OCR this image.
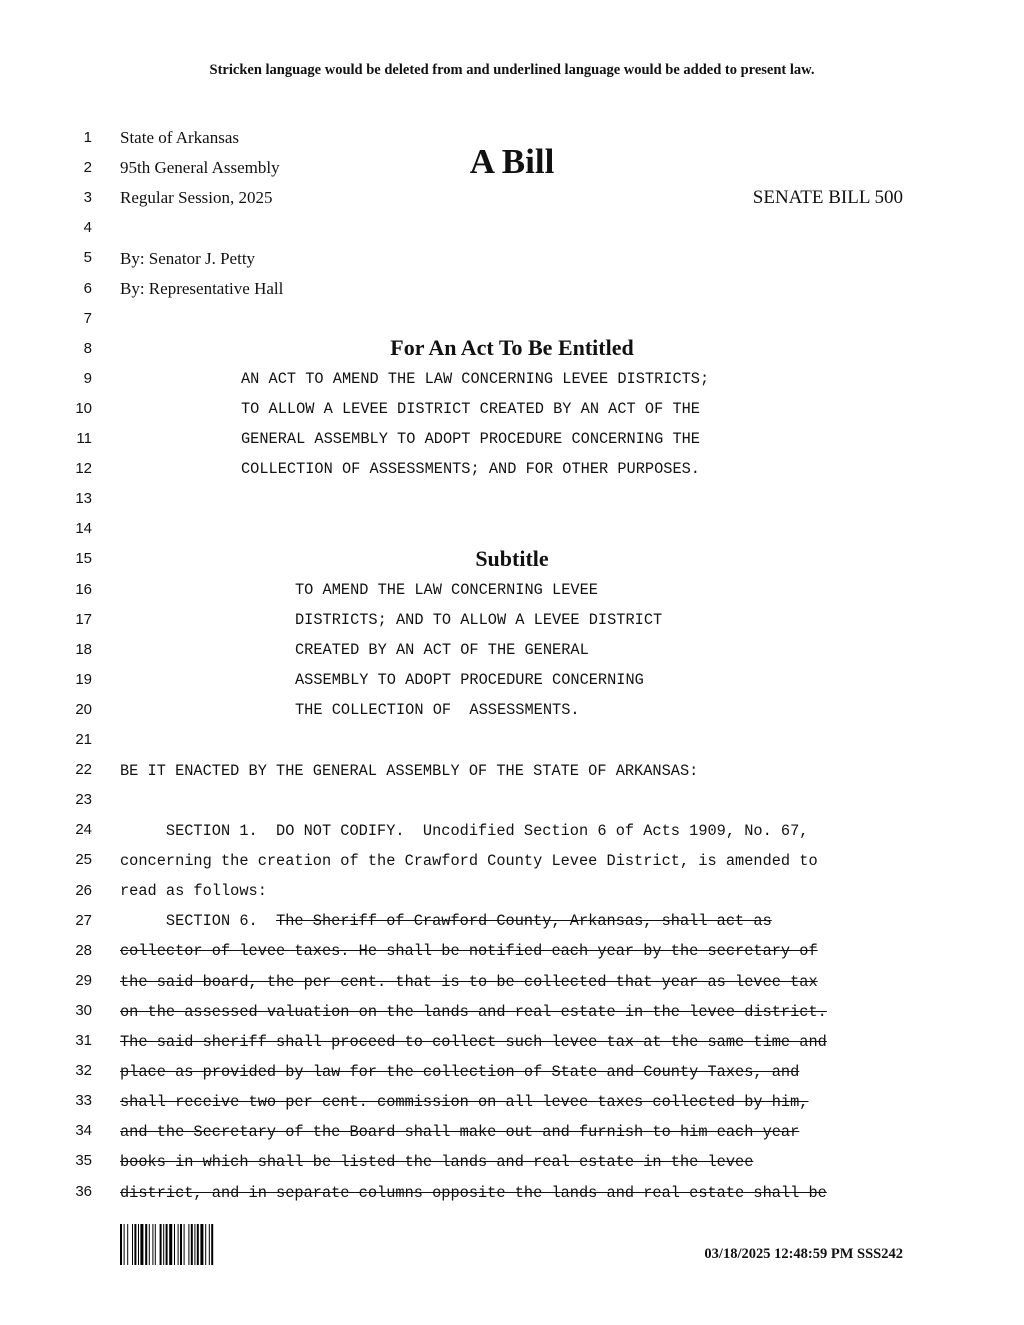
Stricken language would be deleted from and underlined language would be added to present law.
1
2
3
4
5
6
7
8
9
10
11
12
13
14
15
16
17
18
19
20
21
22
23
24
25
26
27
28
29
30
31
32
33
34
35
36
State of Arkansas
95th General Assembly
Regular Session, 2025
A Bill
SENATE BILL 500
By: Senator J. Petty
By: Representative Hall
For An Act To Be Entitled
AN ACT TO AMEND THE LAW CONCERNING LEVEE DISTRICTS;
TO ALLOW A LEVEE DISTRICT CREATED BY AN ACT OF THE
GENERAL ASSEMBLY TO ADOPT PROCEDURE CONCERNING THE
COLLECTION OF ASSESSMENTS; AND FOR OTHER PURPOSES.
Subtitle
TO AMEND THE LAW CONCERNING LEVEE
DISTRICTS; AND TO ALLOW A LEVEE DISTRICT
CREATED BY AN ACT OF THE GENERAL
ASSEMBLY TO ADOPT PROCEDURE CONCERNING
THE COLLECTION OF  ASSESSMENTS.
BE IT ENACTED BY THE GENERAL ASSEMBLY OF THE STATE OF ARKANSAS:
SECTION 1.  DO NOT CODIFY.  Uncodified Section 6 of Acts 1909, No. 67,
concerning the creation of the Crawford County Levee District, is amended to
read as follows:
SECTION 6.  The Sheriff of Crawford County, Arkansas, shall act as
collector of levee taxes. He shall be notified each year by the secretary of
the said board, the per cent. that is to be collected that year as levee tax
on the assessed valuation on the lands and real estate in the levee district.
The said sheriff shall proceed to collect such levee tax at the same time and
place as provided by law for the collection of State and County Taxes, and
shall receive two per cent. commission on all levee taxes collected by him,
and the Secretary of the Board shall make out and furnish to him each year
books in which shall be listed the lands and real estate in the levee
district, and in separate columns opposite the lands and real estate shall be
03/18/2025 12:48:59 PM SSS242
